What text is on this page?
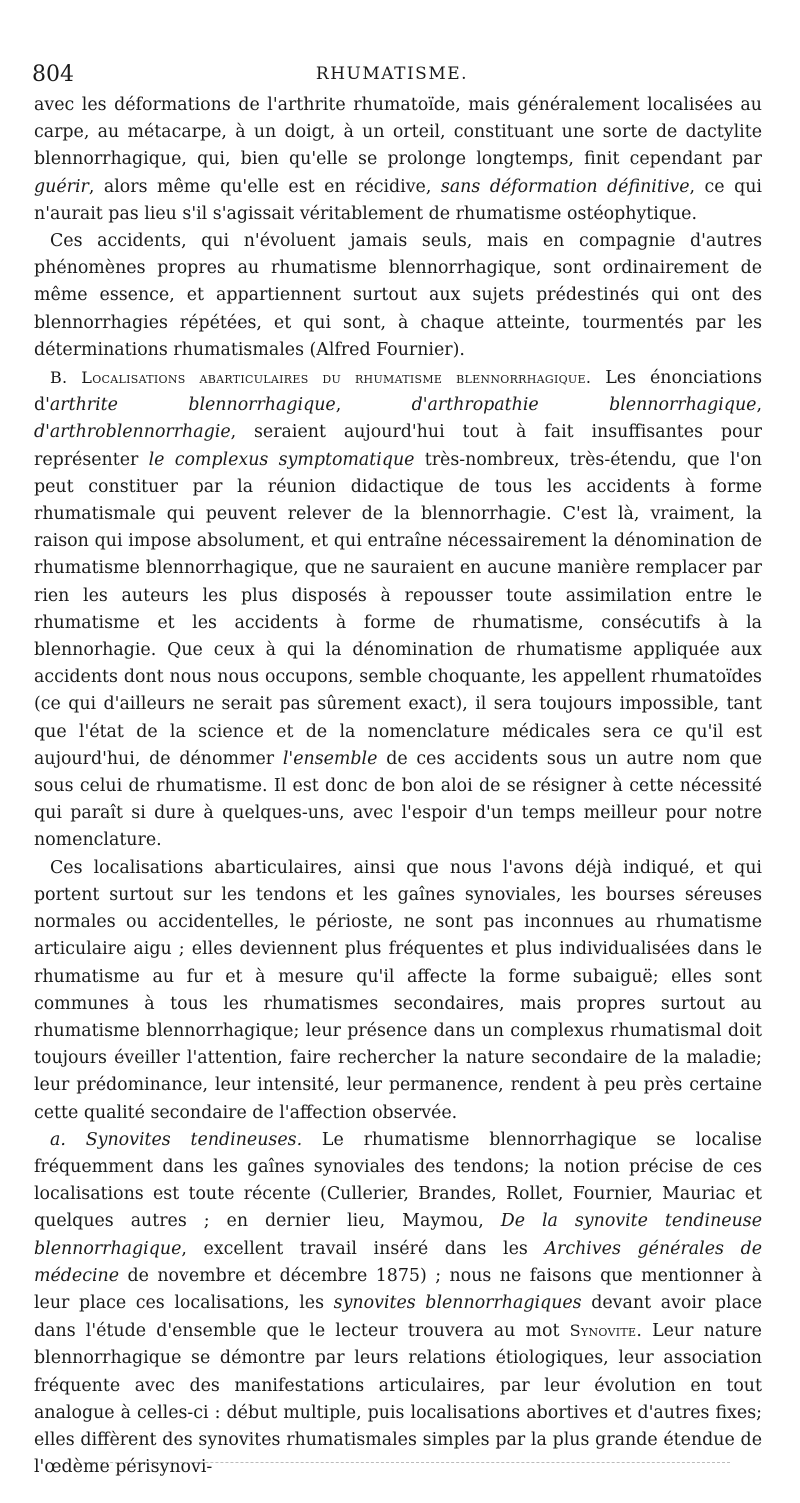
804	RHUMATISME.

avec les déformations de l'arthrite rhumatoïde, mais généralement localisées au carpe, au métacarpe, à un doigt, à un orteil, constituant une sorte de dactylite blennorrhagique, qui, bien qu'elle se prolonge longtemps, finit cependant par guérir, alors même qu'elle est en récidive, sans déformation définitive, ce qui n'aurait pas lieu s'il s'agissait véritablement de rhumatisme ostéophytique.

Ces accidents, qui n'évoluent jamais seuls, mais en compagnie d'autres phénomènes propres au rhumatisme blennorrhagique, sont ordinairement de même essence, et appartiennent surtout aux sujets prédestinés qui ont des blennorrhagies répétées, et qui sont, à chaque atteinte, tourmentés par les déterminations rhumatismales (Alfred Fournier).

B. Localisations abarticulaires du rhumatisme blennorrhagique. Les énonciations d'arthrite blennorrhagique, d'arthropathie blennorrhagique, d'arthroblennorrhagie, seraient aujourd'hui tout à fait insuffisantes pour représenter le complexus symptomatique très-nombreux, très-étendu, que l'on peut constituer par la réunion didactique de tous les accidents à forme rhumatismale qui peuvent relever de la blennorrhagie. C'est là, vraiment, la raison qui impose absolument, et qui entraîne nécessairement la dénomination de rhumatisme blennorrhagique, que ne sauraient en aucune manière remplacer par rien les auteurs les plus disposés à repousser toute assimilation entre le rhumatisme et les accidents à forme de rhumatisme, consécutifs à la blennorhagie. Que ceux à qui la dénomination de rhumatisme appliquée aux accidents dont nous nous occupons, semble choquante, les appellent rhumatoïdes (ce qui d'ailleurs ne serait pas sûrement exact), il sera toujours impossible, tant que l'état de la science et de la nomenclature médicales sera ce qu'il est aujourd'hui, de dénommer l'ensemble de ces accidents sous un autre nom que sous celui de rhumatisme. Il est donc de bon aloi de se résigner à cette nécessité qui paraît si dure à quelques-uns, avec l'espoir d'un temps meilleur pour notre nomenclature.

Ces localisations abarticulaires, ainsi que nous l'avons déjà indiqué, et qui portent surtout sur les tendons et les gaînes synoviales, les bourses séreuses normales ou accidentelles, le périoste, ne sont pas inconnues au rhumatisme articulaire aigu ; elles deviennent plus fréquentes et plus individualisées dans le rhumatisme au fur et à mesure qu'il affecte la forme subaiguë; elles sont communes à tous les rhumatismes secondaires, mais propres surtout au rhumatisme blennorrhagique; leur présence dans un complexus rhumatismal doit toujours éveiller l'attention, faire rechercher la nature secondaire de la maladie; leur prédominance, leur intensité, leur permanence, rendent à peu près certaine cette qualité secondaire de l'affection observée.

a. Synovites tendineuses. Le rhumatisme blennorrhagique se localise fréquemment dans les gaînes synoviales des tendons; la notion précise de ces localisations est toute récente (Cullerier, Brandes, Rollet, Fournier, Mauriac et quelques autres ; en dernier lieu, Maymou, De la synovite tendineuse blennorrhagique, excellent travail inséré dans les Archives générales de médecine de novembre et décembre 1875) ; nous ne faisons que mentionner à leur place ces localisations, les synovites blennorrhagiques devant avoir place dans l'étude d'ensemble que le lecteur trouvera au mot Synovite. Leur nature blennorrhagique se démontre par leurs relations étiologiques, leur association fréquente avec des manifestations articulaires, par leur évolution en tout analogue à celles-ci : début multiple, puis localisations abortives et d'autres fixes; elles diffèrent des synovites rhumatismales simples par la plus grande étendue de l'œdème périsynovi-
